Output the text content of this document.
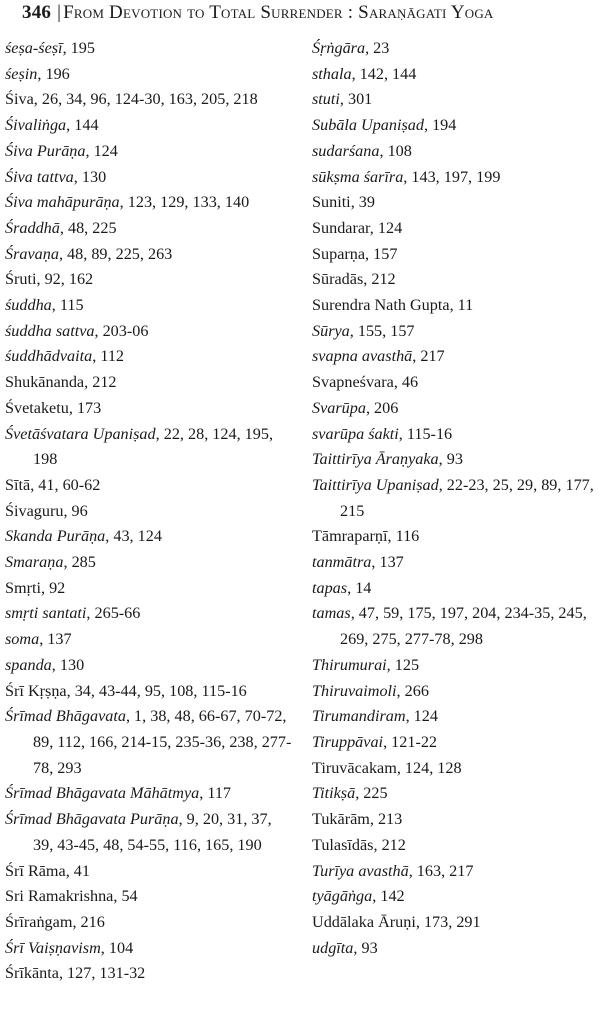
346 | From Devotion to Total Surrender : Saraṇāgati Yoga
śeṣa-śeṣī, 195
śeṣin, 196
Śiva, 26, 34, 96, 124-30, 163, 205, 218
Śivaliṅga, 144
Śiva Purāṇa, 124
Śiva tattva, 130
Śiva mahāpurāṇa, 123, 129, 133, 140
Śraddhā, 48, 225
Śravaṇa, 48, 89, 225, 263
Śruti, 92, 162
śuddha, 115
śuddha sattva, 203-06
śuddhādvaita, 112
Shukānanda, 212
Śvetaketu, 173
Śvetāśvatara Upaniṣad, 22, 28, 124, 195, 198
Sītā, 41, 60-62
Śivaguru, 96
Skanda Purāṇa, 43, 124
Smaraṇa, 285
Smṛti, 92
smṛti santati, 265-66
soma, 137
spanda, 130
Śrī Kṛṣṇa, 34, 43-44, 95, 108, 115-16
Śrīmad Bhāgavata, 1, 38, 48, 66-67, 70-72, 89, 112, 166, 214-15, 235-36, 238, 277-78, 293
Śrīmad Bhāgavata Māhātmya, 117
Śrīmad Bhāgavata Purāṇa, 9, 20, 31, 37, 39, 43-45, 48, 54-55, 116, 165, 190
Śrī Rāma, 41
Sri Ramakrishna, 54
Śrīraṅgam, 216
Śrī Vaiṣṇavism, 104
Śrīkānta, 127, 131-32
Śṛṅgāra, 23
sthala, 142, 144
stuti, 301
Subāla Upaniṣad, 194
sudarśana, 108
sūkṣma śarīra, 143, 197, 199
Suniti, 39
Sundarar, 124
Suparṇa, 157
Sūradās, 212
Surendra Nath Gupta, 11
Sūrya, 155, 157
svapna avasthā, 217
Svapneśvara, 46
Svarūpa, 206
svarūpa śakti, 115-16
Taittirīya Āraṇyaka, 93
Taittirīya Upaniṣad, 22-23, 25, 29, 89, 177, 215
Tāmraparṇī, 116
tanmātra, 137
tapas, 14
tamas, 47, 59, 175, 197, 204, 234-35, 245, 269, 275, 277-78, 298
Thirumurai, 125
Thiruvaimoli, 266
Tirumandiram, 124
Tiruppāvai, 121-22
Tiruvācakam, 124, 128
Titikṣā, 225
Tukārām, 213
Tulasīdās, 212
Turīya avasthā, 163, 217
tyāgāṅga, 142
Uddālaka Āruṇi, 173, 291
udgīta, 93
